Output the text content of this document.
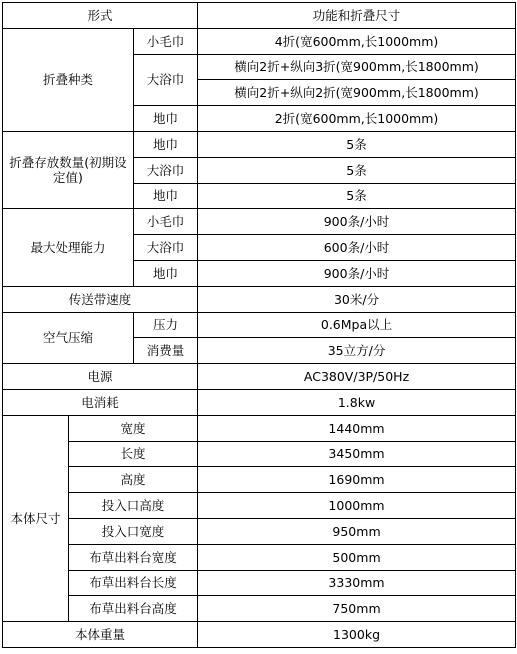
形式			功能和折叠尺寸
折叠种类		小毛巾	4折(宽600mm,长1000mm)
		大浴巾	横向2折+纵向3折(宽900mm,长1800mm)
			横向2折+纵向2折(宽900mm,长1800mm)
		地巾	2折(宽600mm,长1000mm)
折叠存放数量(初期设定值)		地巾	5条
		大浴巾	5条
		地巾	5条
最大处理能力		小毛巾	900条/小时
		大浴巾	600条/小时
		地巾	900条/小时
传送带速度			30米/分
空气压缩		压力	0.6Mpa以上
		消费量	35立方/分
电源			AC380V/3P/50Hz
电消耗			1.8kw
本体尺寸	宽度		1440mm
	长度		3450mm
	高度		1690mm
	投入口高度		1000mm
	投入口宽度		950mm
	布草出料台宽度		500mm
	布草出料台长度		3330mm
	布草出料台高度		750mm
本体重量			1300kg
